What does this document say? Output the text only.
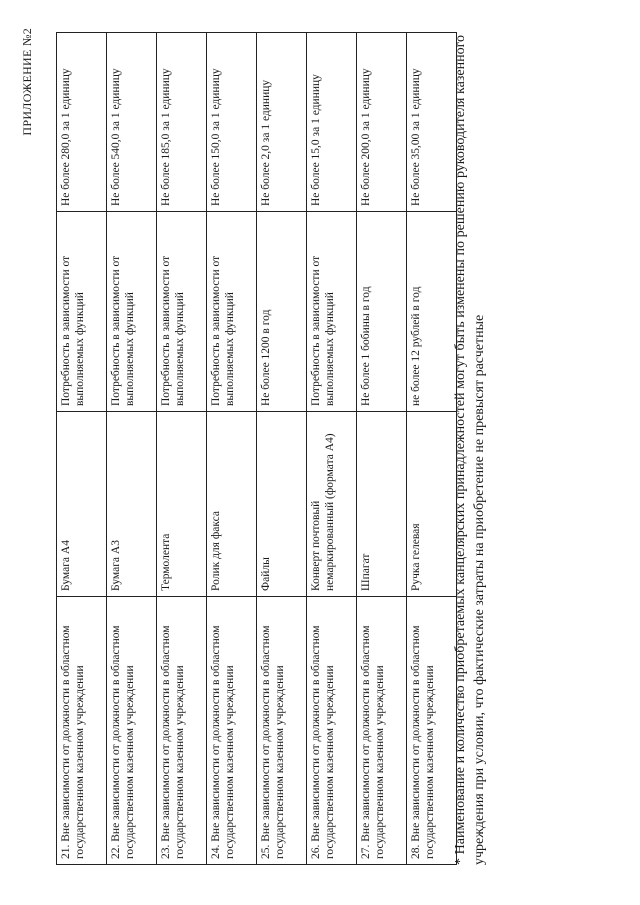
ПРИЛОЖЕНИЕ №2
21. Вне зависимости от должности в областном государственном казенном учреждении	Бумага А4	Потребность в зависимости от выполняемых функций	Не более 280,0 за 1 единицу

22. Вне зависимости от должности в областном государственном казенном учреждении	Бумага А3	Потребность в зависимости от выполняемых функций	Не более 540,0 за 1 единицу

23. Вне зависимости от должности в областном государственном казенном учреждении	Термолента	Потребность в зависимости от выполняемых функций	Не более 185,0 за 1 единицу

24. Вне зависимости от должности в областном государственном казенном учреждении	Ролик для факса	Потребность в зависимости от выполняемых функций	Не более 150,0 за 1 единицу

25. Вне зависимости от должности в областном государственном казенном учреждении	Файлы	Не более 1200 в год	Не более 2,0 за 1 единицу

26. Вне зависимости от должности в областном государственном казенном учреждении	Конверт почтовый немаркированный (формата А4)	Потребность в зависимости от выполняемых функций	Не более 15,0 за 1 единицу

27. Вне зависимости от должности в областном государственном казенном учреждении	Шпагат	Не более 1 бобины в год	Не более 200,0 за 1 единицу

28. Вне зависимости от должности в областном государственном казенном учреждении	Ручка гелевая	не более 12 рублей в год	Не более 35,00 за 1 единицу * Наименование и количество приобретаемых канцелярских принадлежностей могут быть изменены по решению руководителя казенного учреждения при условии, что фактические затраты на приобретение не превысят расчетные
